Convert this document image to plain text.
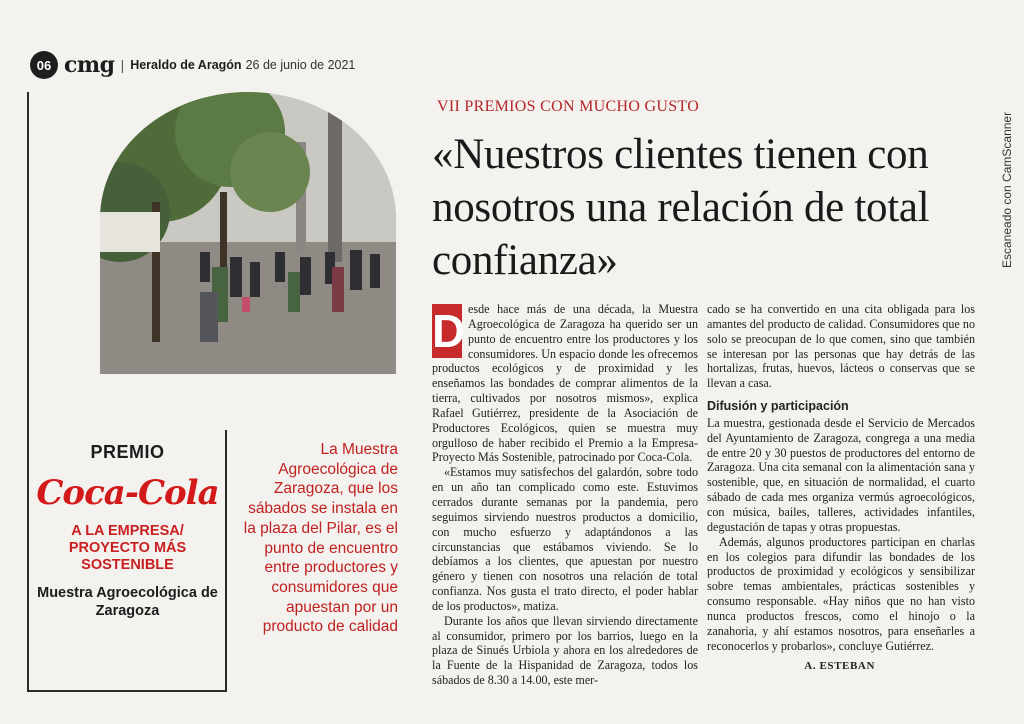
06 cmg | Heraldo de Aragón 26 de junio de 2021
Escaneado con CamScanner
PREMIO
Coca-Cola
A LA EMPRESA/ PROYECTO MÁS SOSTENIBLE
Muestra Agroecológica de Zaragoza
La Muestra Agroecológica de Zaragoza, que los sábados se instala en la plaza del Pilar, es el punto de encuentro entre productores y consumidores que apuestan por un producto de calidad
VII PREMIOS CON MUCHO GUSTO
«Nuestros clientes tienen con nosotros una relación de total confianza»

D esde hace más de una década, la Muestra Agroecológica de Zaragoza ha querido ser un punto de encuentro entre los productores y los consumidores. Un espacio donde les ofrecemos productos ecológicos y de proximidad y les enseñamos las bondades de comprar alimentos de la tierra, cultivados por nosotros mismos», explica Rafael Gutiérrez, presidente de la Asociación de Productores Ecológicos, quien se muestra muy orgulloso de haber recibido el Premio a la Empresa-Proyecto Más Sostenible, patrocinado por Coca-Cola.

«Estamos muy satisfechos del galardón, sobre todo en un año tan complicado como este. Estuvimos cerrados durante semanas por la pandemia, pero seguimos sirviendo nuestros productos a domicilio, con mucho esfuerzo y adaptándonos a las circunstancias que estábamos viviendo. Se lo debíamos a los clientes, que apuestan por nuestro género y tienen con nosotros una relación de total confianza. Nos gusta el trato directo, el poder hablar de los productos», matiza.

Durante los años que llevan sirviendo directamente al consumidor, primero por los barrios, luego en la plaza de Sinués Urbiola y ahora en los alrededores de la Fuente de la Hispanidad de Zaragoza, todos los sábados de 8.30 a 14.00, este mer-

cado se ha convertido en una cita obligada para los amantes del producto de calidad. Consumidores que no solo se preocupan de lo que comen, sino que también se interesan por las personas que hay detrás de las hortalizas, frutas, huevos, lácteos o conservas que se llevan a casa.

Difusión y participación

La muestra, gestionada desde el Servicio de Mercados del Ayuntamiento de Zaragoza, congrega a una media de entre 20 y 30 puestos de productores del entorno de Zaragoza. Una cita semanal con la alimentación sana y sostenible, que, en situación de normalidad, el cuarto sábado de cada mes organiza vermús agroecológicos, con música, bailes, talleres, actividades infantiles, degustación de tapas y otras propuestas.

Además, algunos productores participan en charlas en los colegios para difundir las bondades de los productos de proximidad y ecológicos y sensibilizar sobre temas ambientales, prácticas sostenibles y consumo responsable. «Hay niños que no han visto nunca productos frescos, como el hinojo o la zanahoria, y ahí estamos nosotros, para enseñarles a reconocerlos y probarlos», concluye Gutiérrez.

A. ESTEBAN
